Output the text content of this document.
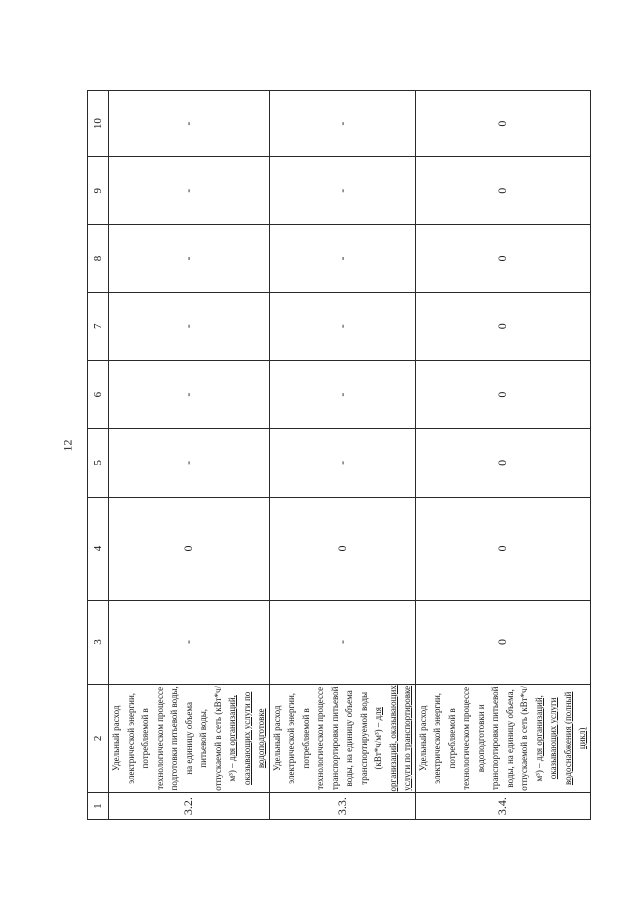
12
1	2	3	4	5	6	7	8	9	10
3.2.	Удельный расход электрической энергии, потребляемой в технологическом процессе подготовки питьевой воды, на единицу объема питьевой воды, отпускаемой в сеть (кВт*ч/м³) – для организаций, оказывающих услуги по водоподготовке	-	0	-	-	-	-	-	-
3.3.	Удельный расход электрической энергии, потребляемой в технологическом процессе транспортировки питьевой воды, на единицу объема транспортируемой воды (кВт*ч/м³) – для организаций, оказывающих услуги по транспортировке	-	0	-	-	-	-	-	-
3.4.	Удельный расход электрической энергии, потребляемой в технологическом процессе водоподготовки и транспортировки питьевой воды, на единицу объема, отпускаемой в сеть (кВт*ч/м³) – для организаций, оказывающих услуги водоснабжения (полный цикл)	0	0	0	0	0	0	0	0
